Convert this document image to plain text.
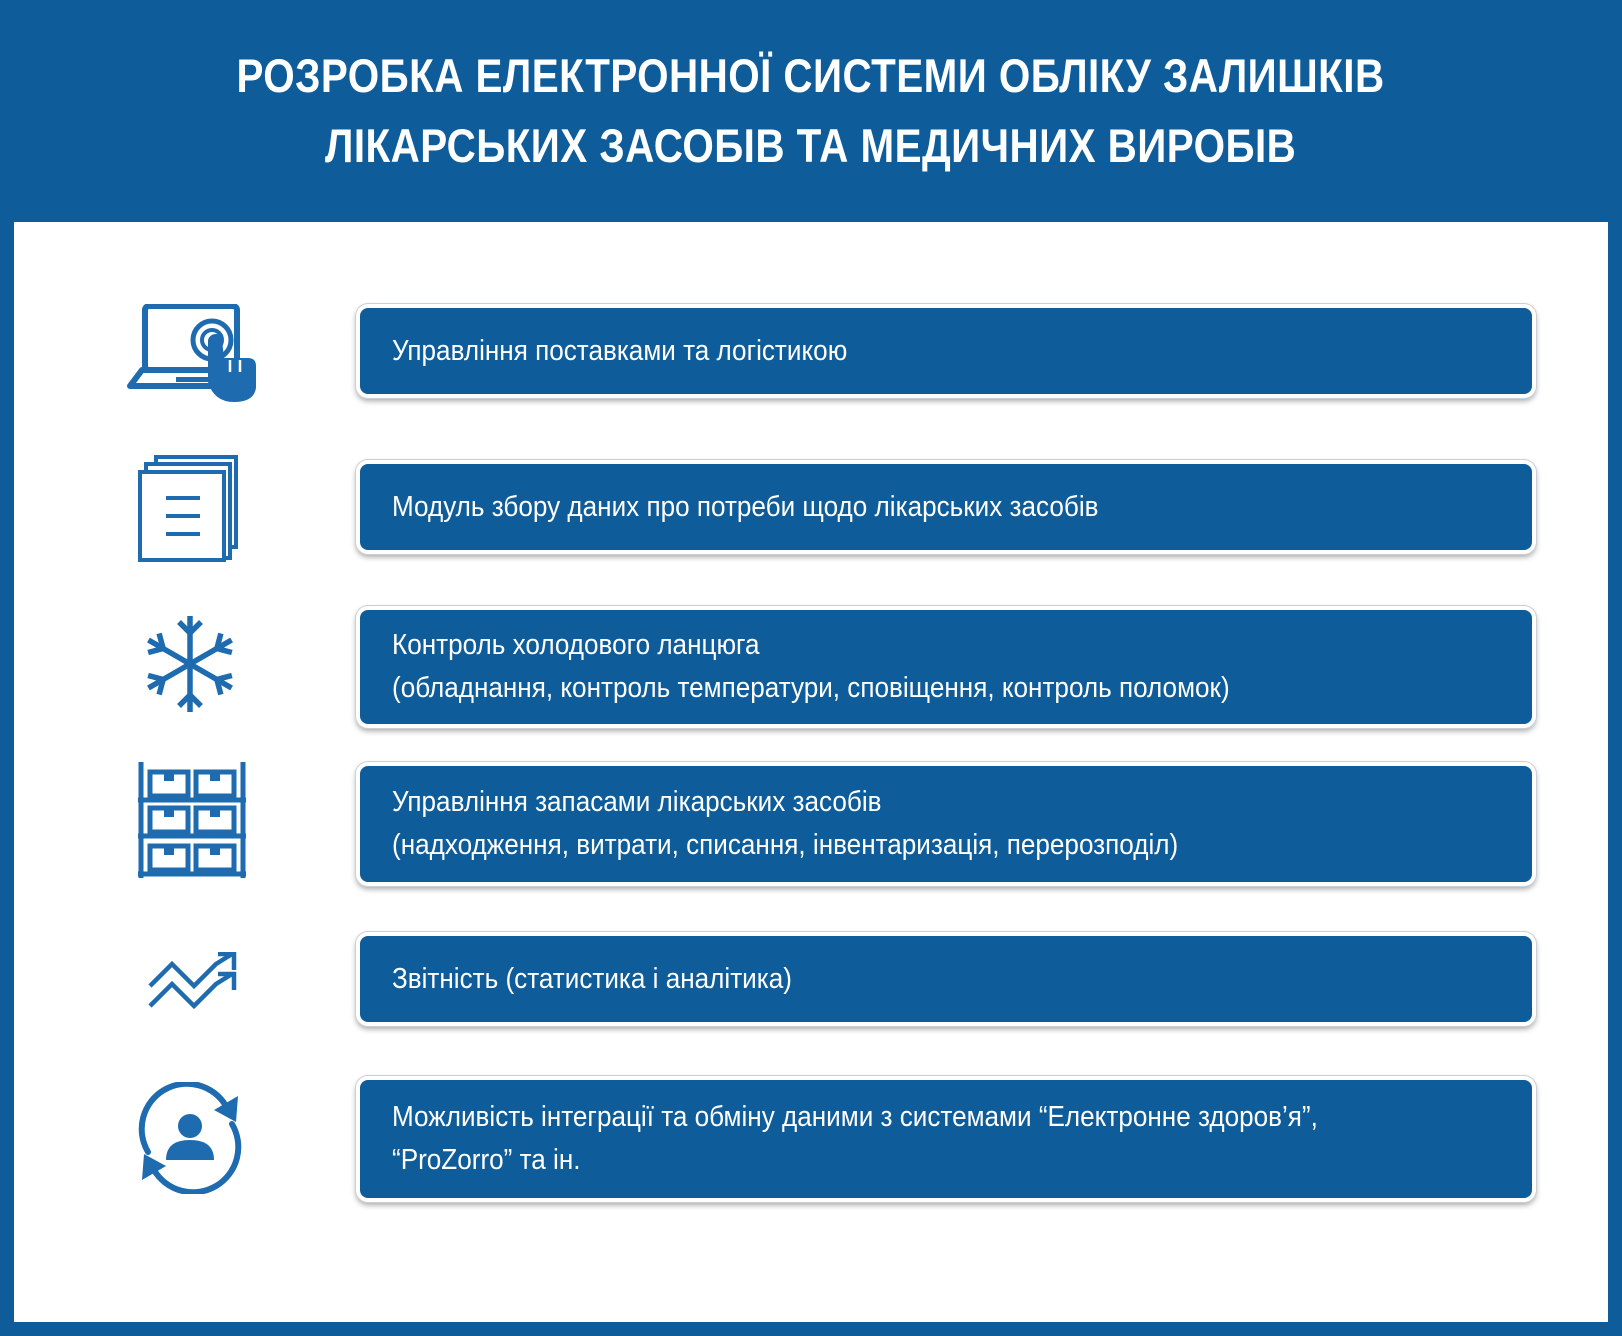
РОЗРОБКА ЕЛЕКТРОННОЇ СИСТЕМИ ОБЛІКУ ЗАЛИШКІВ
ЛІКАРСЬКИХ ЗАСОБІВ ТА МЕДИЧНИХ ВИРОБІВ
Управління поставками та логістикою
Модуль збору даних про потреби щодо лікарських засобів
Контроль холодового ланцюга
(обладнання, контроль температури, сповіщення, контроль поломок)
Управління запасами лікарських засобів
(надходження, витрати, списання, інвентаризація, перерозподіл)
Звітність (статистика і аналітика)
Можливість інтеграції та обміну даними з системами “Електронне здоров’я”,
“ProZorro” та ін.
